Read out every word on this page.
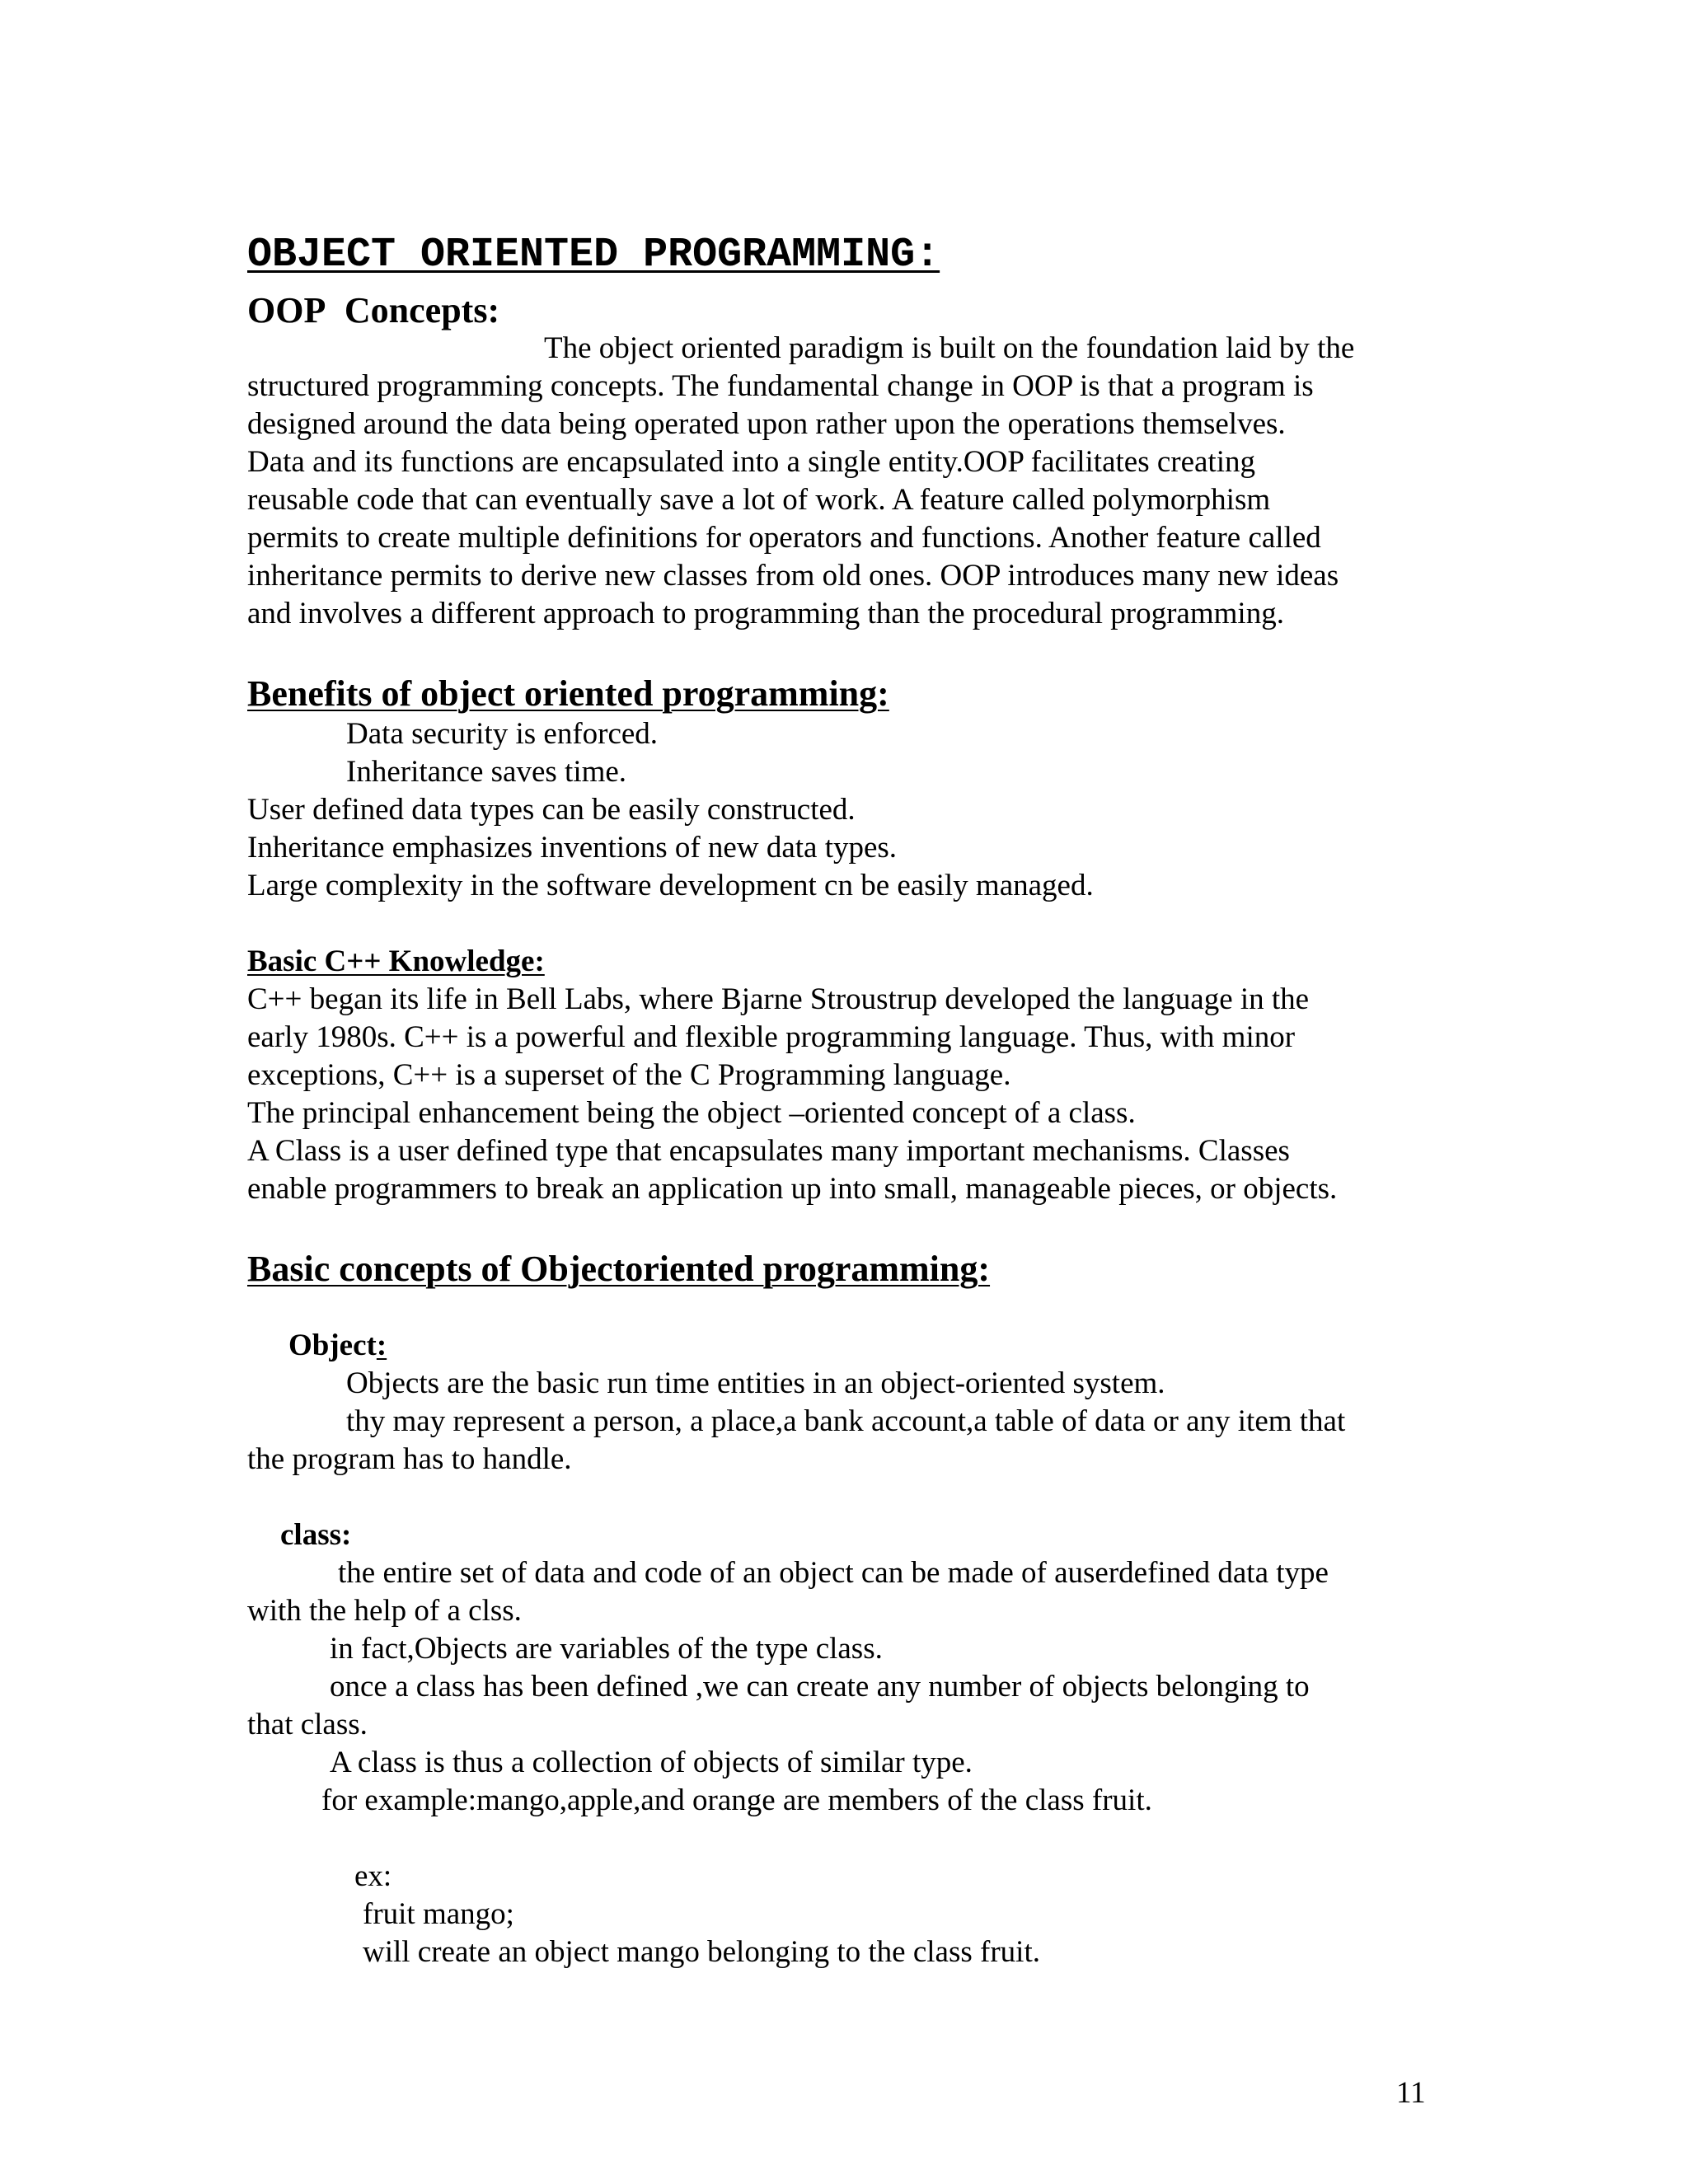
OBJECT ORIENTED PROGRAMMING:
OOP Concepts:

The object oriented paradigm is built on the foundation laid by the

structured programming concepts. The fundamental change in OOP is that a program is

designed around the data being operated upon rather upon the operations themselves.

Data and its functions are encapsulated into a single entity.OOP facilitates creating

reusable code that can eventually save a lot of work. A feature called polymorphism

permits to create multiple definitions for operators and functions. Another feature called

inheritance permits to derive new classes from old ones. OOP introduces many new ideas

and involves a different approach to programming than the procedural programming.

Benefits of object oriented programming:

Data security is enforced.

Inheritance saves time.

User defined data types can be easily constructed.

Inheritance emphasizes inventions of new data types.

Large complexity in the software development cn be easily managed.

Basic C++ Knowledge:

C++ began its life in Bell Labs, where Bjarne Stroustrup developed the language in the

early 1980s. C++ is a powerful and flexible programming language. Thus, with minor

exceptions, C++ is a superset of the C Programming language.

The principal enhancement being the object –oriented concept of a class.

A Class is a user defined type that encapsulates many important mechanisms. Classes

enable programmers to break an application up into small, manageable pieces, or objects.

Basic concepts of Objectoriented programming:
Object:

Objects are the basic run time entities in an object-oriented system.

thy may represent a person, a place,a bank account,a table of data or any item that

the program has to handle.

class:

the entire set of data and code of an object can be made of auserdefined data type

with the help of a clss.

in fact,Objects are variables of the type class.

once a class has been defined ,we can create any number of objects belonging to

that class.

A class is thus a collection of objects of similar type.

for example:mango,apple,and orange are members of the class fruit.

ex:

fruit mango;

will create an object mango belonging to the class fruit.

11
